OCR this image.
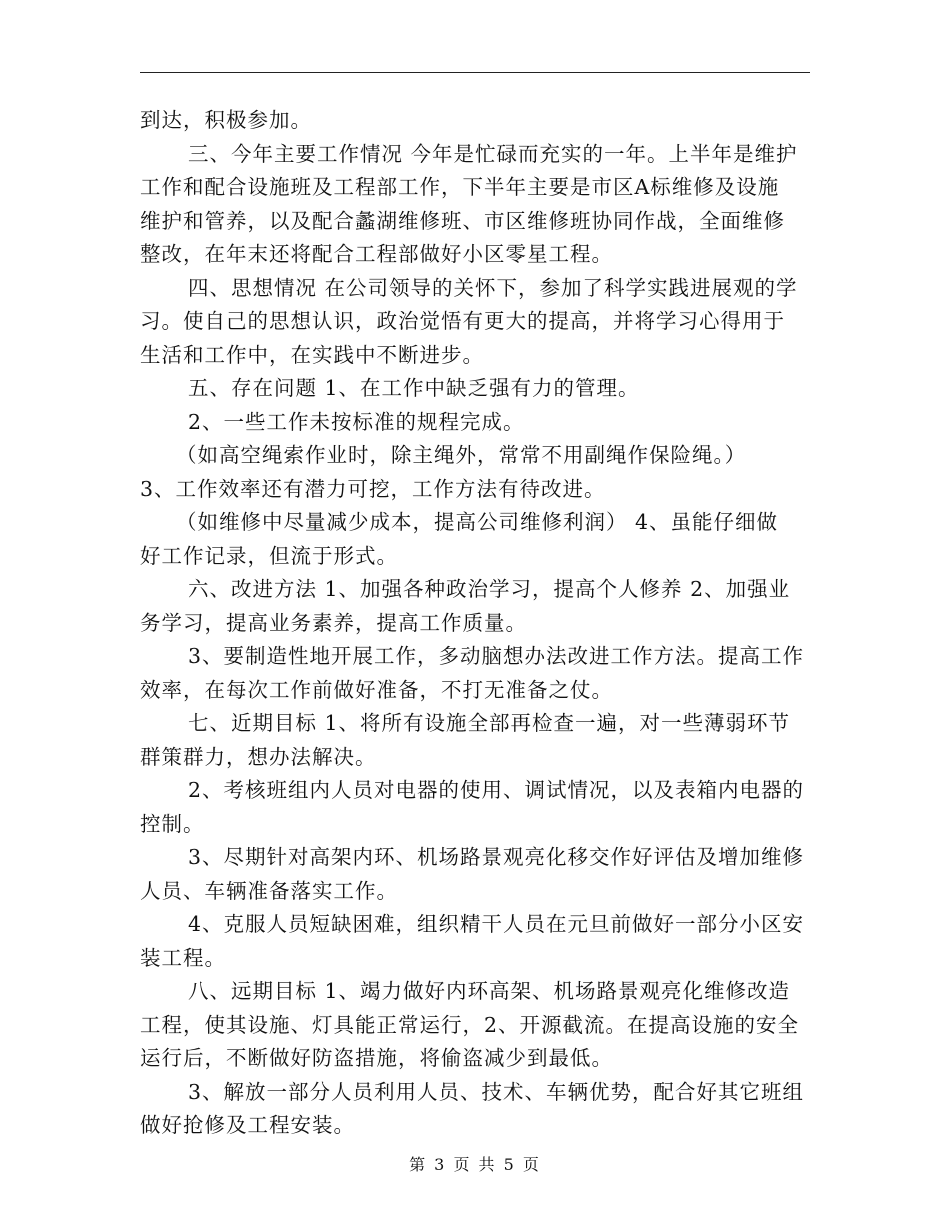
到达，积极参加。
三、今年主要工作情况 今年是忙碌而充实的一年。上半年是维护
工作和配合设施班及工程部工作，下半年主要是市区A标维修及设施
维护和管养，以及配合蠡湖维修班、市区维修班协同作战，全面维修
整改，在年末还将配合工程部做好小区零星工程。
四、思想情况 在公司领导的关怀下，参加了科学实践进展观的学
习。使自己的思想认识，政治觉悟有更大的提高，并将学习心得用于
生活和工作中，在实践中不断进步。
五、存在问题 1、在工作中缺乏强有力的管理。
2、一些工作未按标准的规程完成。
（如高空绳索作业时，除主绳外，常常不用副绳作保险绳。）
3、工作效率还有潜力可挖，工作方法有待改进。
（如维修中尽量减少成本，提高公司维修利润） 4、虽能仔细做
好工作记录，但流于形式。
六、改进方法 1、加强各种政治学习，提高个人修养 2、加强业
务学习，提高业务素养，提高工作质量。
3、要制造性地开展工作，多动脑想办法改进工作方法。提高工作
效率，在每次工作前做好准备，不打无准备之仗。
七、近期目标 1、将所有设施全部再检查一遍，对一些薄弱环节
群策群力，想办法解决。
2、考核班组内人员对电器的使用、调试情况，以及表箱内电器的
控制。
3、尽期针对高架内环、机场路景观亮化移交作好评估及增加维修
人员、车辆准备落实工作。
4、克服人员短缺困难，组织精干人员在元旦前做好一部分小区安
装工程。
八、远期目标 1、竭力做好内环高架、机场路景观亮化维修改造
工程，使其设施、灯具能正常运行，2、开源截流。在提高设施的安全
运行后，不断做好防盗措施，将偷盗减少到最低。
3、解放一部分人员利用人员、技术、车辆优势，配合好其它班组
做好抢修及工程安装。
第 3 页 共 5 页
